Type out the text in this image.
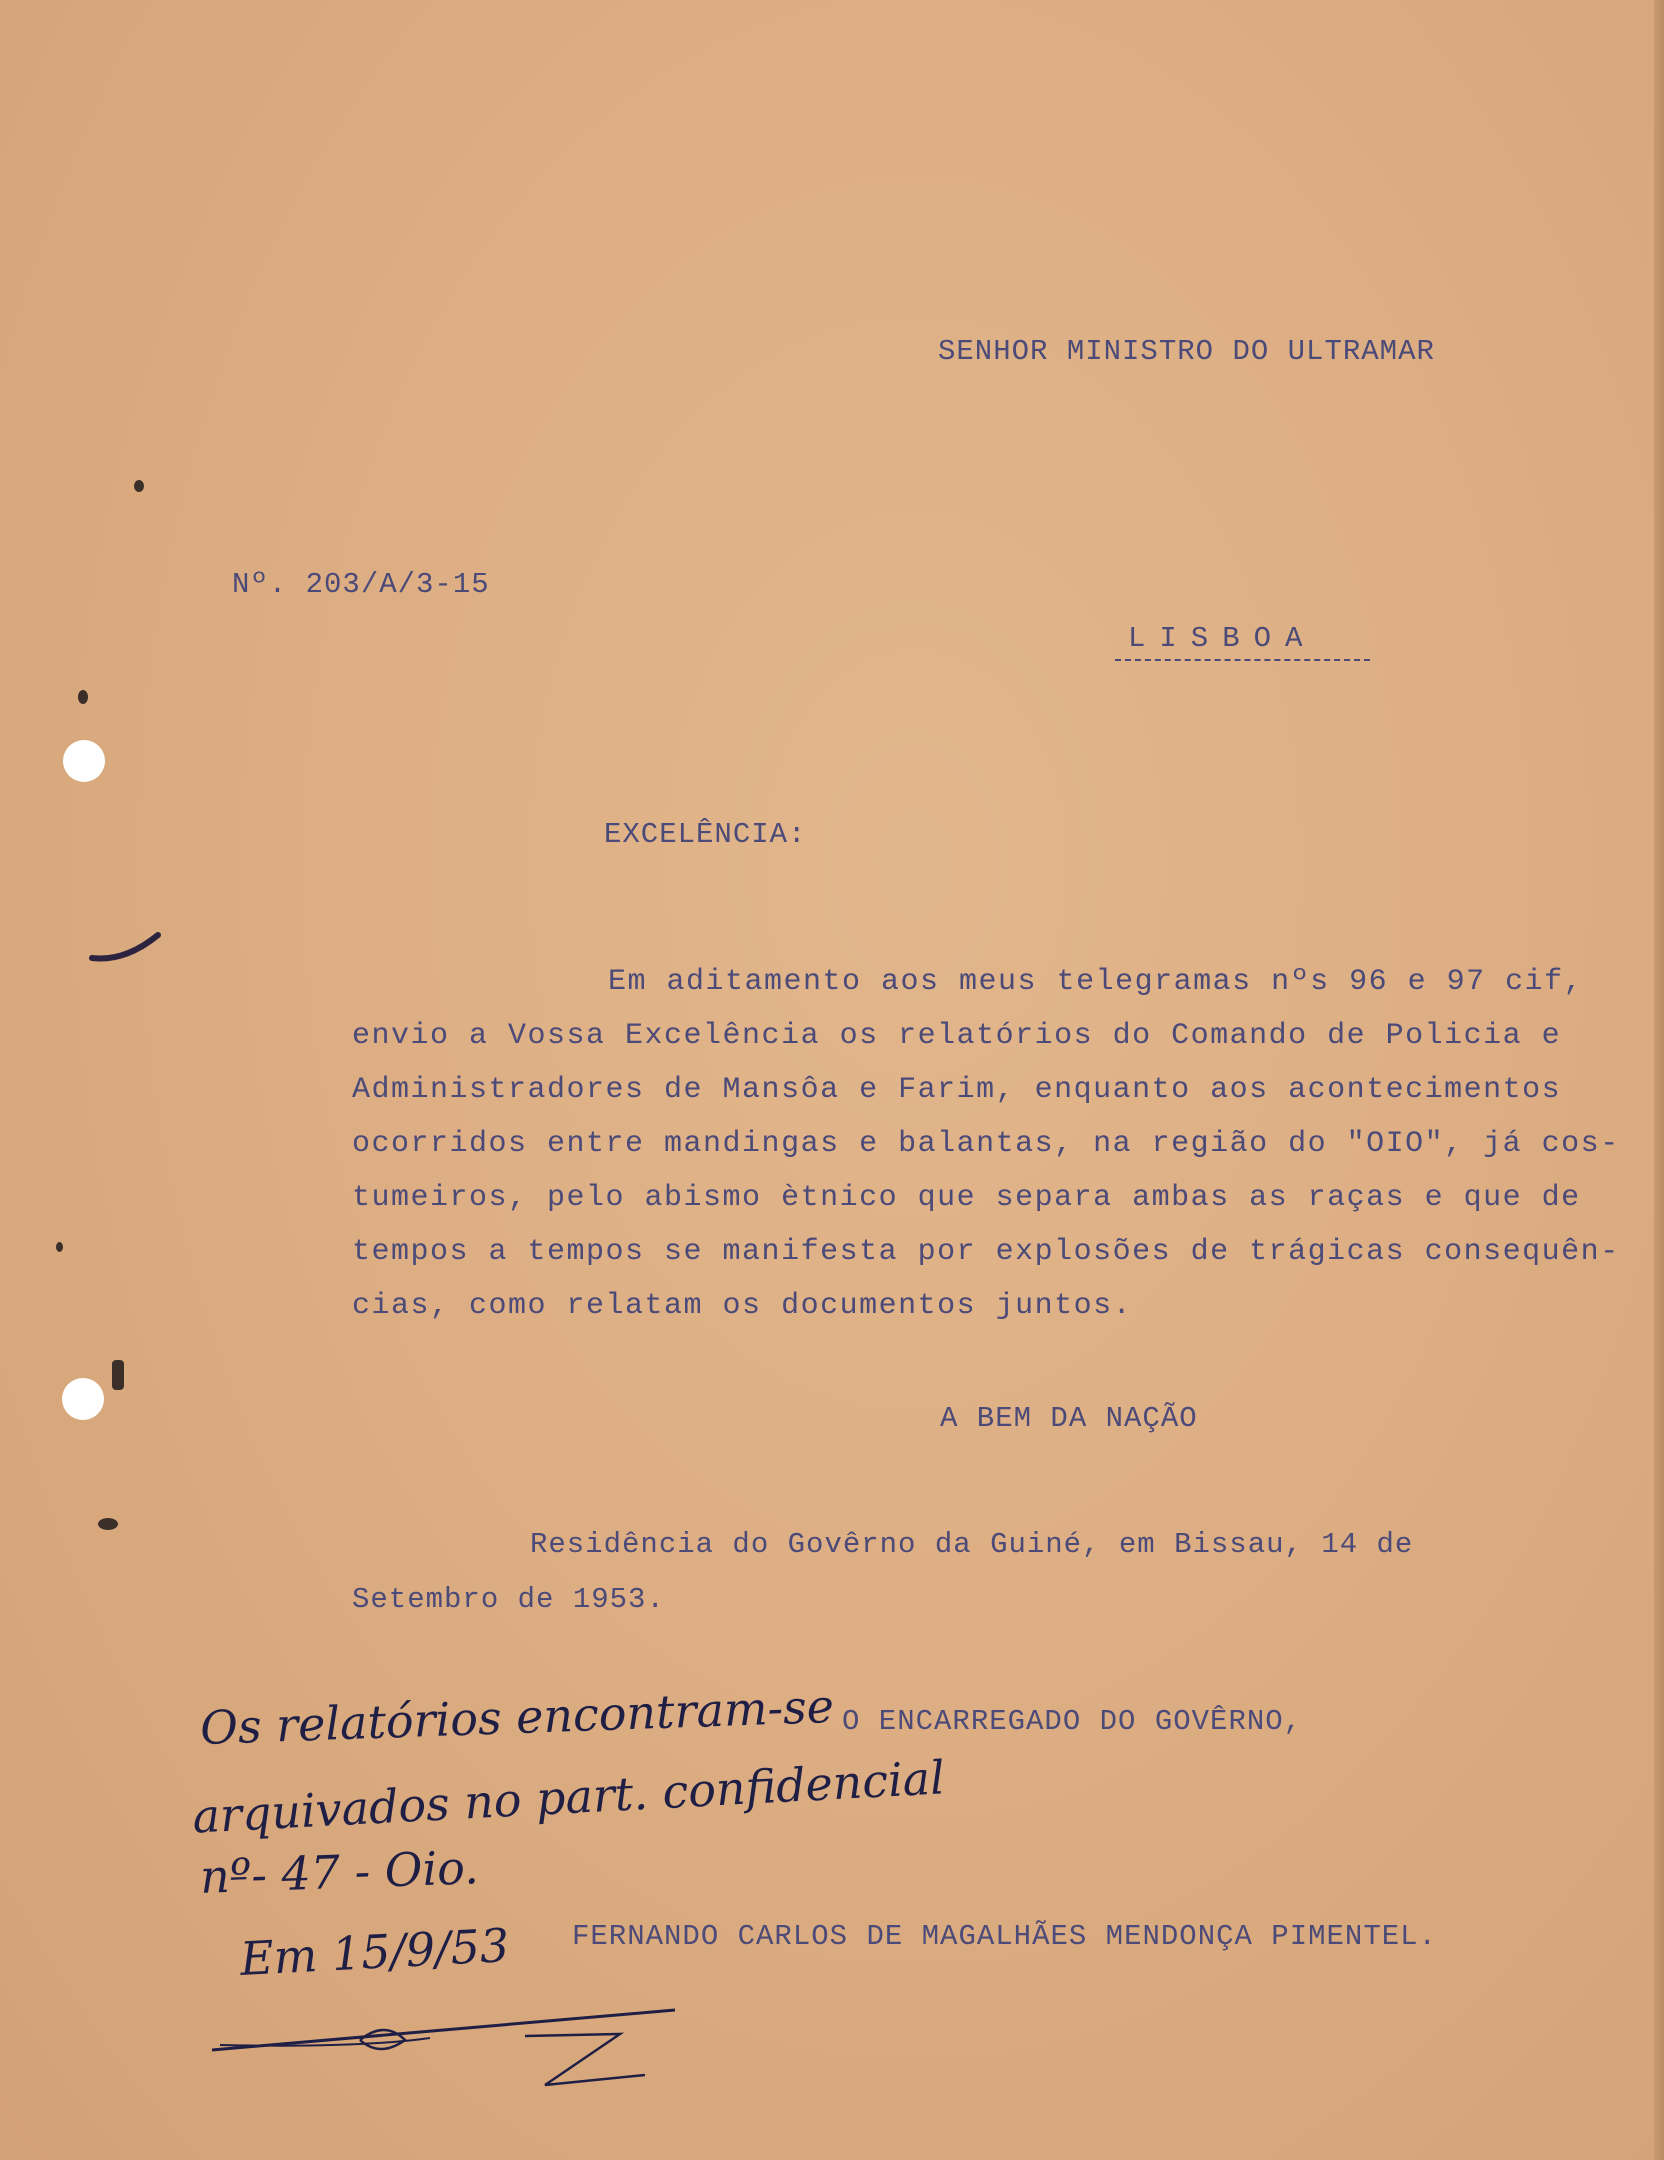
SENHOR MINISTRO DO ULTRAMAR
Nº. 203/A/3-15
LISBOA
EXCELÊNCIA:
Em aditamento aos meus telegramas nºs 96 e 97 cif,
envio a Vossa Excelência os relatórios do Comando de Policia e
Administradores de Mansôa e Farim, enquanto aos acontecimentos
ocorridos entre mandingas e balantas, na região do "OIO", já cos-
tumeiros, pelo abismo ètnico que separa ambas as raças e que de
tempos a tempos se manifesta por explosões de trágicas consequên-
cias, como relatam os documentos juntos.
A BEM DA NAÇÃO
Residência do Govêrno da Guiné, em Bissau, 14 de
Setembro de 1953.
O ENCARREGADO DO GOVÊRNO,
FERNANDO CARLOS DE MAGALHÃES MENDONÇA PIMENTEL.
Os relatórios encontram-se
arquivados no part. confidencial
nº- 47 - Oio.
Em 15/9/53
